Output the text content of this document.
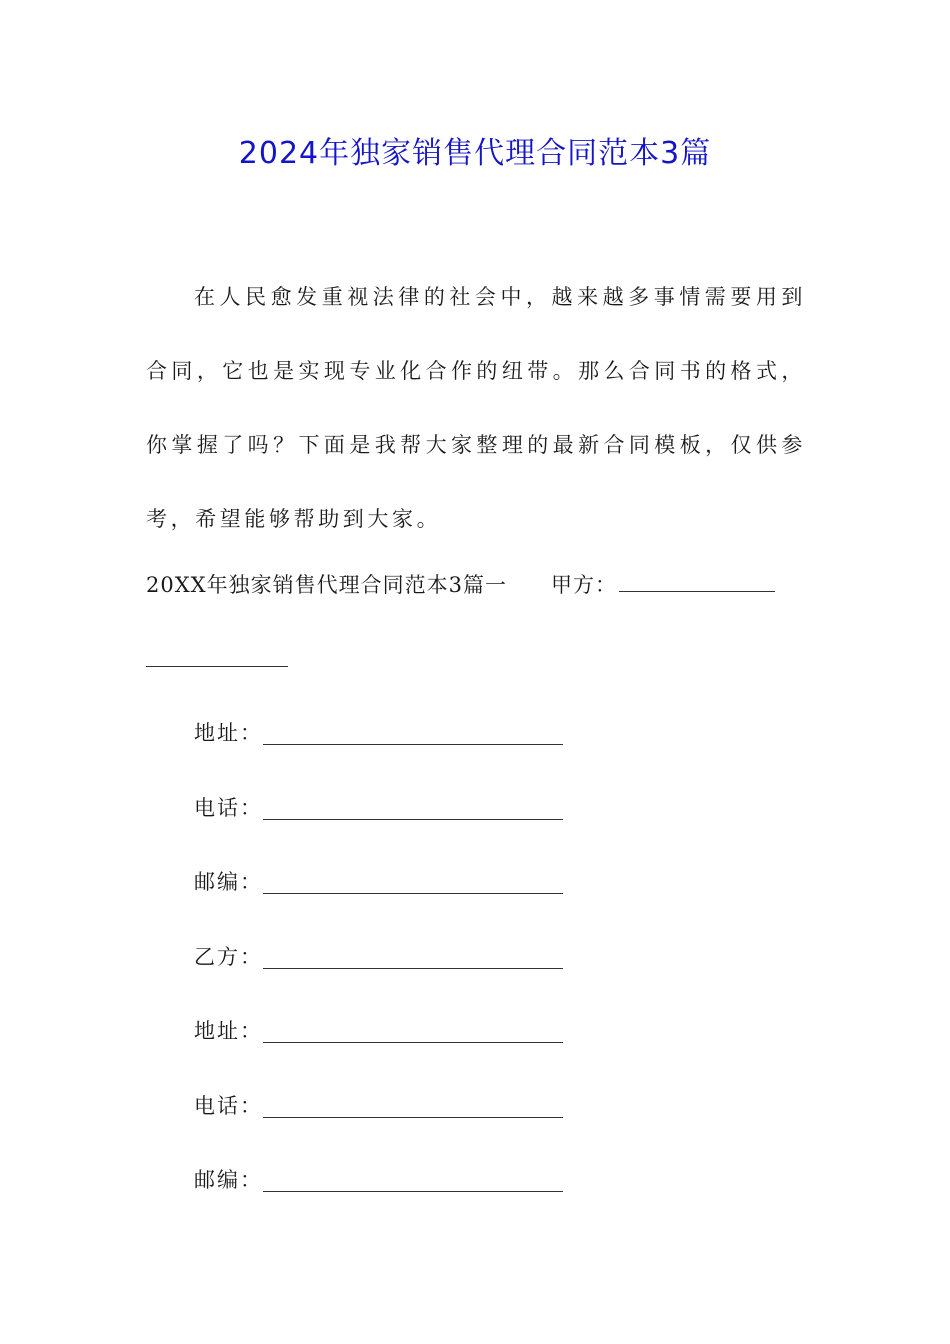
2024年独家销售代理合同范本3篇

在人民愈发重视法律的社会中，越来越多事情需要用到合同，它也是实现专业化合作的纽带。那么合同书的格式，你掌握了吗？下面是我帮大家整理的最新合同模板，仅供参考，希望能够帮助到大家。

20XX年独家销售代理合同范本3篇一 甲方：
地址：
电话：
邮编：
乙方：
地址：
电话：
邮编：
